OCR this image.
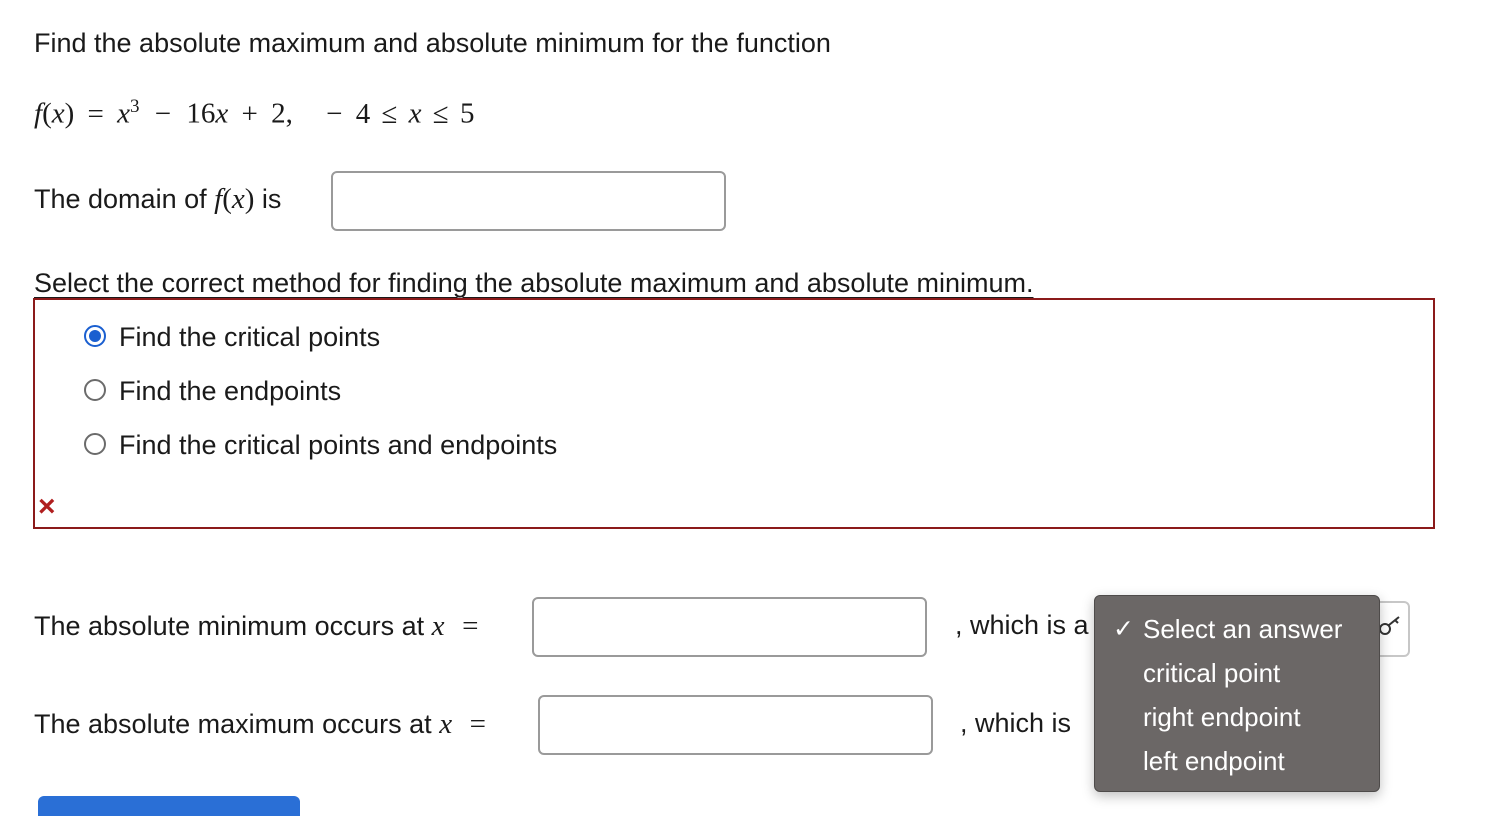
Find the absolute maximum and absolute minimum for the function
$f(x) = x^3 - 16x + 2$, − 4 ≤ x ≤ 5
The domain of f(x) is
Select the correct method for finding the absolute maximum and absolute minimum.
Find the critical points
Find the endpoints
Find the critical points and endpoints
×
The absolute minimum occurs at x =	, which is a
The absolute maximum occurs at x =	, which is
✓ Select an answer
critical point
right endpoint
left endpoint
